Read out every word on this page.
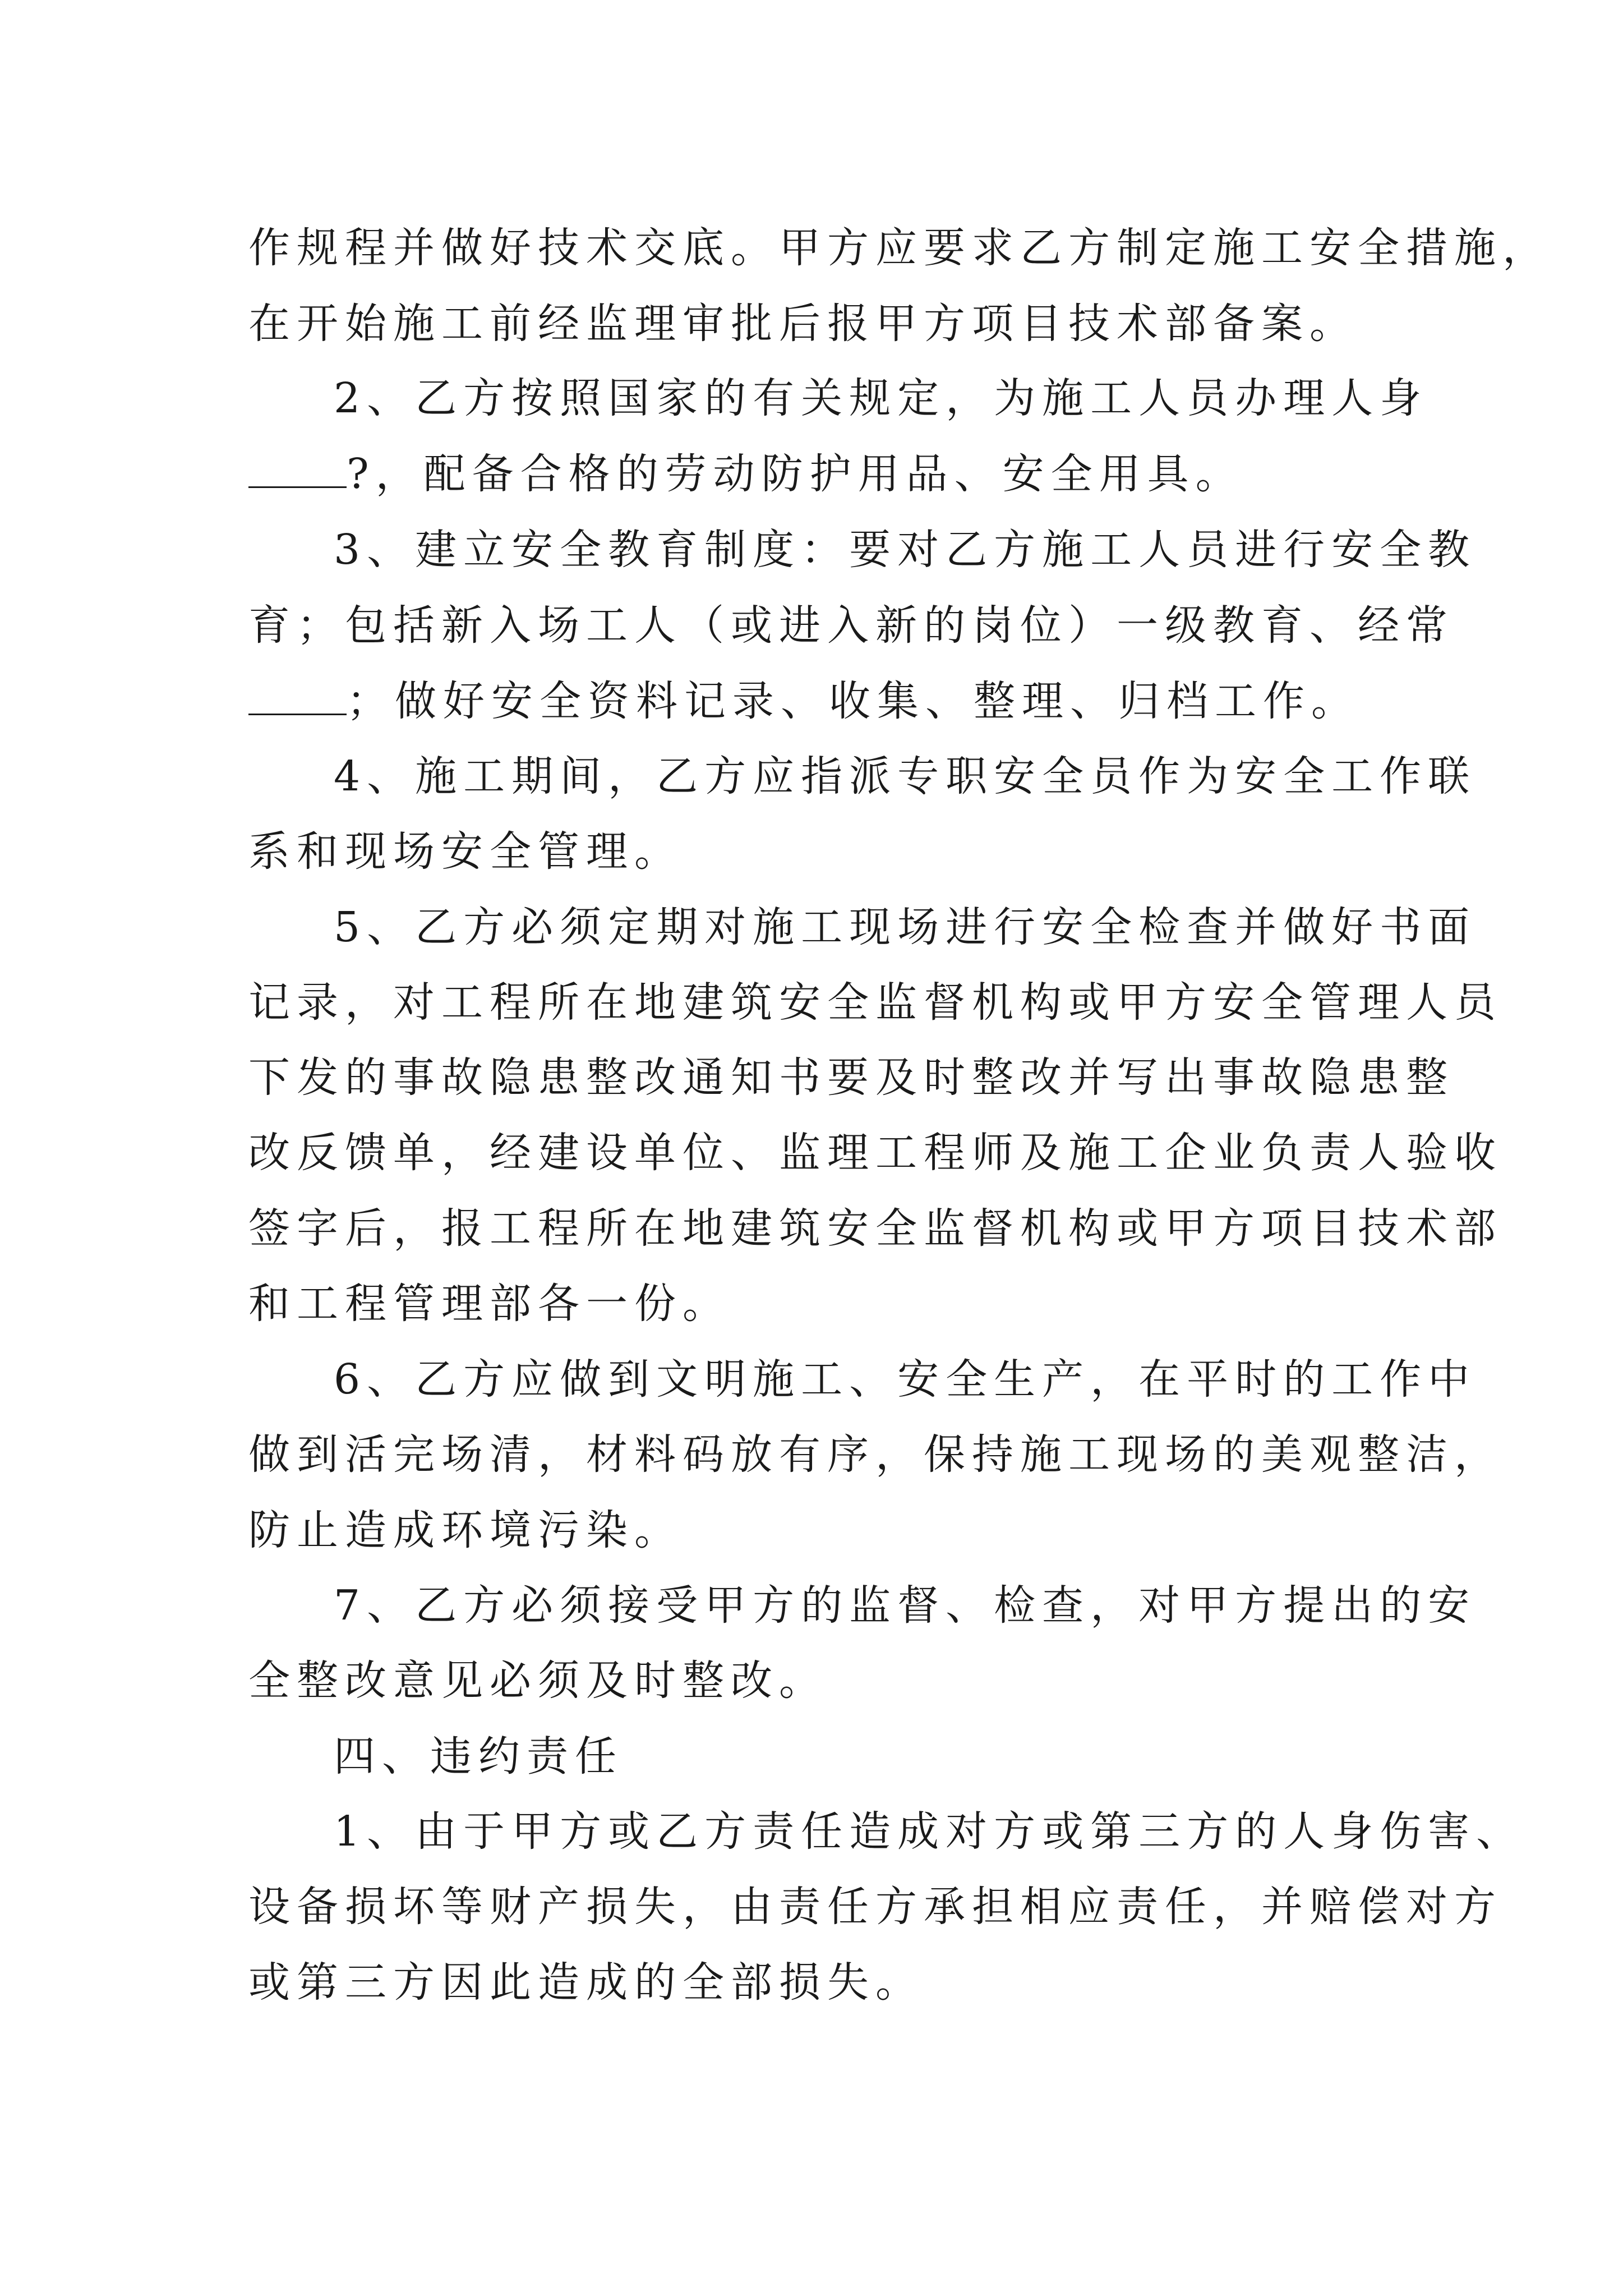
作规程并做好技术交底。甲方应要求乙方制定施工安全措施，
在开始施工前经监理审批后报甲方项目技术部备案。
2、乙方按照国家的有关规定，为施工人员办理人身
?，配备合格的劳动防护用品、安全用具。
3、建立安全教育制度：要对乙方施工人员进行安全教
育；包括新入场工人（或进入新的岗位）一级教育、经常
；做好安全资料记录、收集、整理、归档工作。
4、施工期间，乙方应指派专职安全员作为安全工作联
系和现场安全管理。
5、乙方必须定期对施工现场进行安全检查并做好书面
记录，对工程所在地建筑安全监督机构或甲方安全管理人员
下发的事故隐患整改通知书要及时整改并写出事故隐患整
改反馈单，经建设单位、监理工程师及施工企业负责人验收
签字后，报工程所在地建筑安全监督机构或甲方项目技术部
和工程管理部各一份。
6、乙方应做到文明施工、安全生产，在平时的工作中
做到活完场清，材料码放有序，保持施工现场的美观整洁，
防止造成环境污染。
7、乙方必须接受甲方的监督、检查，对甲方提出的安
全整改意见必须及时整改。
四、违约责任
1、由于甲方或乙方责任造成对方或第三方的人身伤害、
设备损坏等财产损失，由责任方承担相应责任，并赔偿对方
或第三方因此造成的全部损失。
